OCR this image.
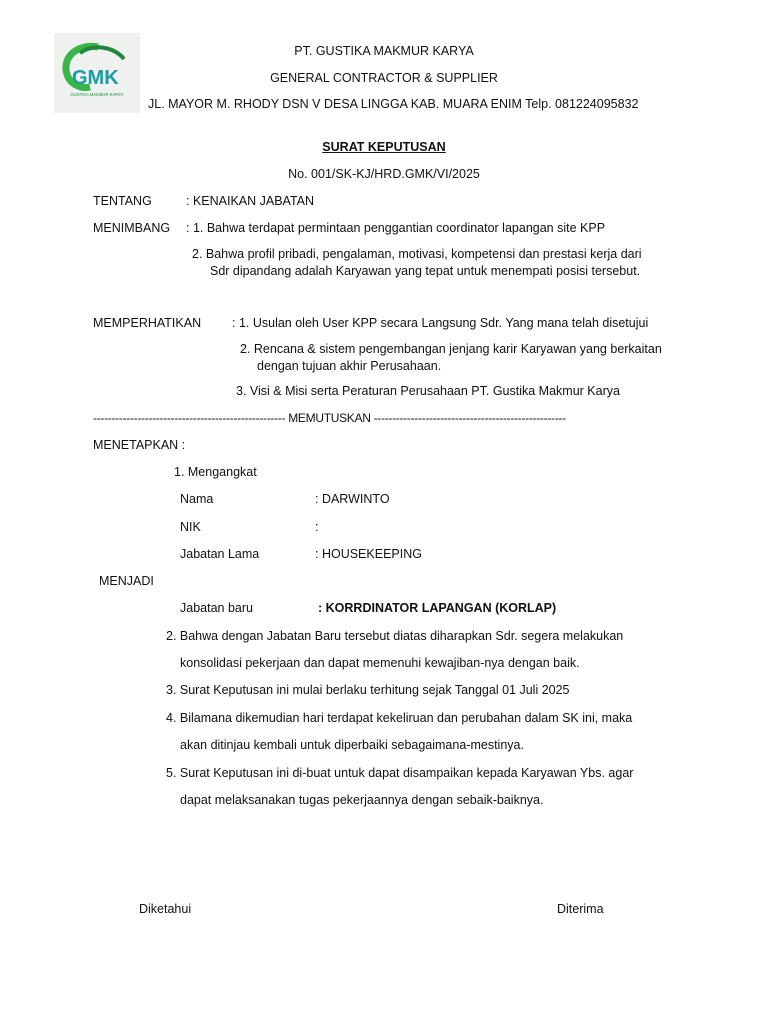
GMK
GUSTIKA MAKMUR KARYA
PT. GUSTIKA MAKMUR KARYA
GENERAL CONTRACTOR & SUPPLIER
JL. MAYOR M. RHODY DSN V DESA LINGGA KAB. MUARA ENIM Telp. 081224095832
SURAT KEPUTUSAN
No. 001/SK-KJ/HRD.GMK/VI/2025
TENTANG	: KENAIKAN JABATAN
MENIMBANG : 1. Bahwa terdapat permintaan penggantian coordinator lapangan site KPP
2. Bahwa profil pribadi, pengalaman, motivasi, kompetensi dan prestasi kerja dari
Sdr dipandang adalah Karyawan yang tepat untuk menempati posisi tersebut.
MEMPERHATIKAN : 1. Usulan oleh User KPP secara Langsung Sdr. Yang mana telah disetujui
2. Rencana & sistem pengembangan jenjang karir Karyawan yang berkaitan
dengan tujuan akhir Perusahaan.
3. Visi & Misi serta Peraturan Perusahaan PT. Gustika Makmur Karya
---------------------------------------------------- MEMUTUSKAN ----------------------------------------------------
MENETAPKAN :
1. Mengangkat
Nama	: DARWINTO
NIK	:
Jabatan Lama	: HOUSEKEEPING
MENJADI
Jabatan baru	: KORRDINATOR LAPANGAN (KORLAP)
2. Bahwa dengan Jabatan Baru tersebut diatas diharapkan Sdr. segera melakukan
konsolidasi pekerjaan dan dapat memenuhi kewajiban-nya dengan baik.
3. Surat Keputusan ini mulai berlaku terhitung sejak Tanggal 01 Juli 2025
4. Bilamana dikemudian hari terdapat kekeliruan dan perubahan dalam SK ini, maka
akan ditinjau kembali untuk diperbaiki sebagaimana-mestinya.
5. Surat Keputusan ini di-buat untuk dapat disampaikan kepada Karyawan Ybs. agar
dapat melaksanakan tugas pekerjaannya dengan sebaik-baiknya.
Diketahui	Diterima
